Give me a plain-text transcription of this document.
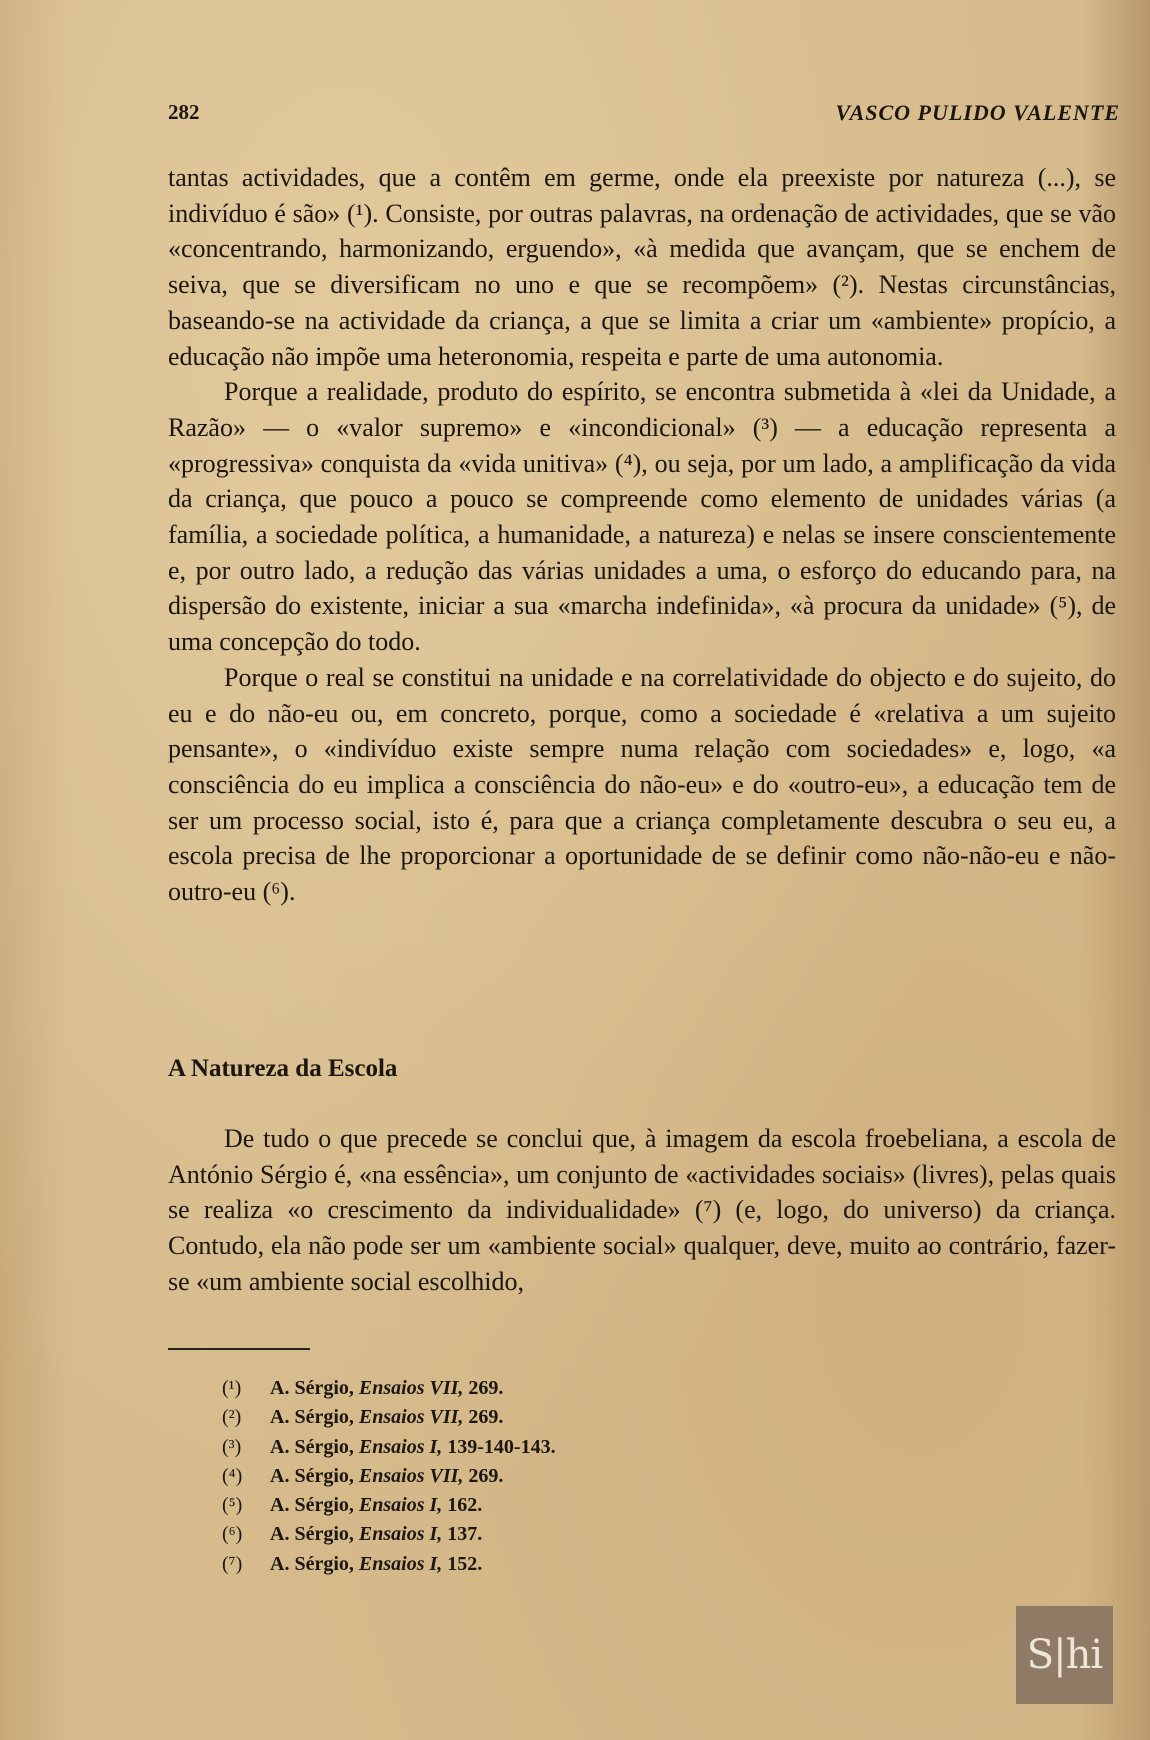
282	VASCO PULIDO VALENTE

tantas actividades, que a contêm em germe, onde ela preexiste por natureza (...), se indivíduo é são» (¹). Consiste, por outras palavras, na ordenação de actividades, que se vão «concentrando, harmonizando, erguendo», «à medida que avançam, que se enchem de seiva, que se diversificam no uno e que se recompõem» (²). Nestas circunstâncias, baseando-se na actividade da criança, a que se limita a criar um «ambiente» propício, a educação não impõe uma heteronomia, respeita e parte de uma autonomia.

Porque a realidade, produto do espírito, se encontra submetida à «lei da Unidade, a Razão» — o «valor supremo» e «incondicional» (³) — a educação representa a «progressiva» conquista da «vida unitiva» (⁴), ou seja, por um lado, a amplificação da vida da criança, que pouco a pouco se compreende como elemento de unidades várias (a família, a sociedade política, a humanidade, a natureza) e nelas se insere conscientemente e, por outro lado, a redução das várias unidades a uma, o esforço do educando para, na dispersão do existente, iniciar a sua «marcha indefinida», «à procura da unidade» (⁵), de uma concepção do todo.

Porque o real se constitui na unidade e na correlatividade do objecto e do sujeito, do eu e do não-eu ou, em concreto, porque, como a sociedade é «relativa a um sujeito pensante», o «indivíduo existe sempre numa relação com sociedades» e, logo, «a consciência do eu implica a consciência do não-eu» e do «outro-eu», a educação tem de ser um processo social, isto é, para que a criança completamente descubra o seu eu, a escola precisa de lhe proporcionar a oportunidade de se definir como não-não-eu e não-outro-eu (⁶).

A Natureza da Escola

De tudo o que precede se conclui que, à imagem da escola froebeliana, a escola de António Sérgio é, «na essência», um conjunto de «actividades sociais» (livres), pelas quais se realiza «o crescimento da individualidade» (⁷) (e, logo, do universo) da criança. Contudo, ela não pode ser um «ambiente social» qualquer, deve, muito ao contrário, fazer-se «um ambiente social escolhido,

(¹) A. Sérgio, Ensaios VII, 269.
(²) A. Sérgio, Ensaios VII, 269.
(³) A. Sérgio, Ensaios I, 139-140-143.
(⁴) A. Sérgio, Ensaios VII, 269.
(⁵) A. Sérgio, Ensaios I, 162.
(⁶) A. Sérgio, Ensaios I, 137.
(⁷) A. Sérgio, Ensaios I, 152.
S|hi
